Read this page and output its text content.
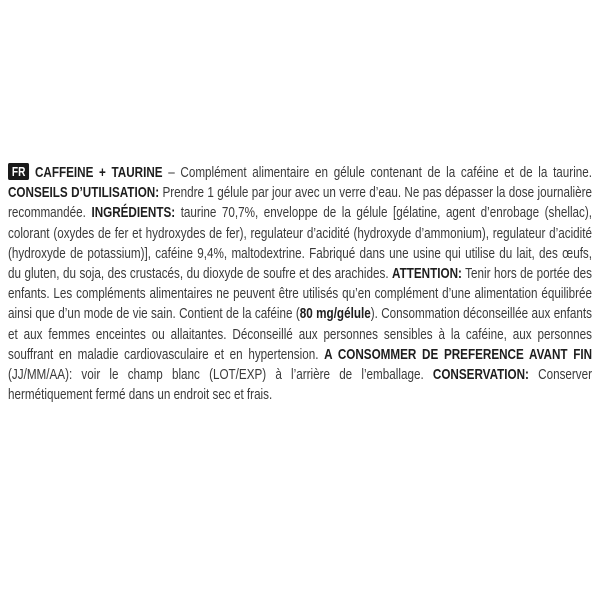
FR CAFFEINE + TAURINE – Complément alimentaire en gélule contenant de la caféine et de la taurine. CONSEILS D’UTILISATION: Prendre 1 gélule par jour avec un verre d’eau. Ne pas dépasser la dose journalière recommandée. INGRÉDIENTS: taurine 70,7%, enveloppe de la gélule [gélatine, agent d’enrobage (shellac), colorant (oxydes de fer et hydroxydes de fer), regulateur d’acidité (hydroxyde d’ammonium), regulateur d’acidité (hydroxyde de potassium)], caféine 9,4%, maltodextrine. Fabriqué dans une usine qui utilise du lait, des œufs, du gluten, du soja, des crustacés, du dioxyde de soufre et des arachides. ATTENTION: Tenir hors de portée des enfants. Les compléments alimentaires ne peuvent être utilisés qu’en complément d’une alimentation équilibrée ainsi que d’un mode de vie sain. Contient de la caféine (80 mg/gélule). Consommation déconseillée aux enfants et aux femmes enceintes ou allaitantes. Déconseillé aux personnes sensibles à la caféine, aux personnes souffrant en maladie cardiovasculaire et en hypertension. A CONSOMMER DE PREFERENCE AVANT FIN (JJ/MM/AA): voir le champ blanc (LOT/EXP) à l’arrière de l’emballage. CONSERVATION: Conserver hermétiquement fermé dans un endroit sec et frais.
